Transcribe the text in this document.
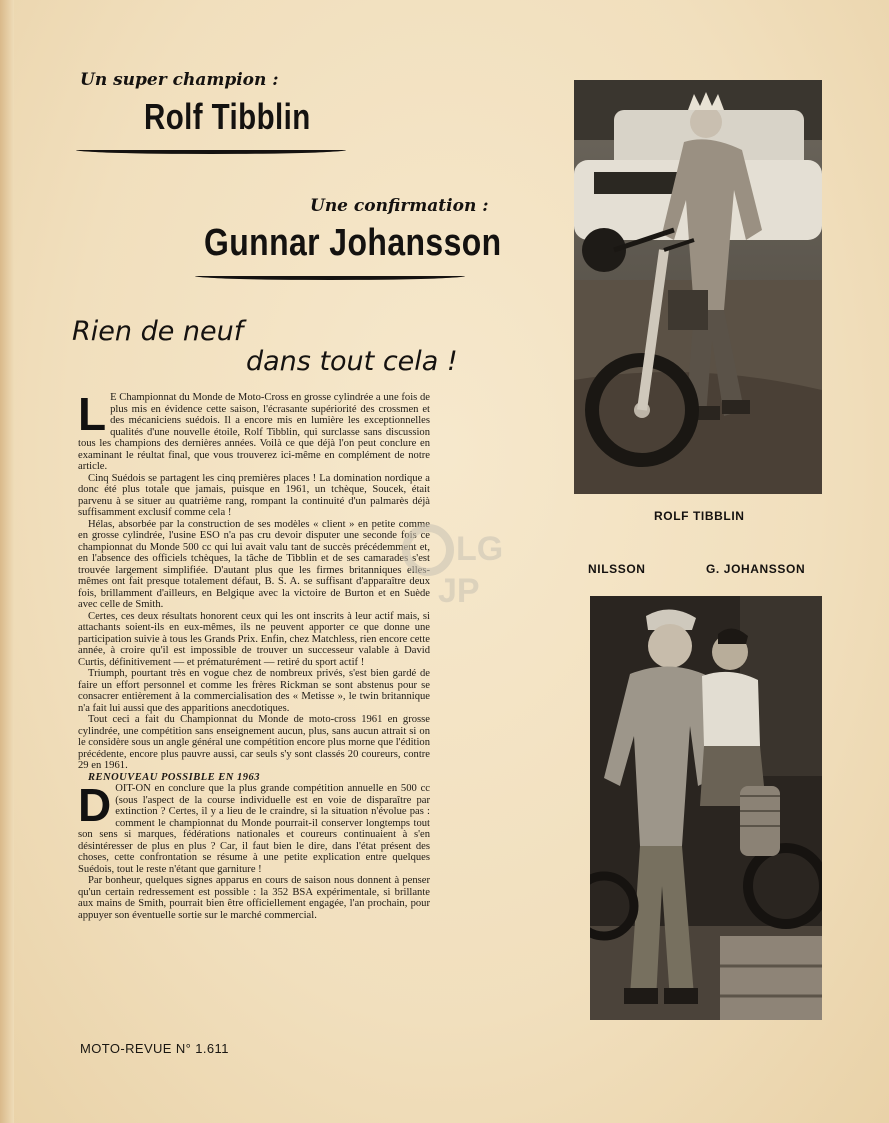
Un super champion :
Rolf Tibblin
Une confirmation :
Gunnar Johansson
Rien de neuf
dans tout cela !

L E Championnat du Monde de Moto-Cross en grosse cylindrée a une fois de plus mis en évidence cette saison, l'écrasante supériorité des crossmen et des mécaniciens suédois. Il a encore mis en lumière les exceptionnelles qualités d'une nouvelle étoile, Rolf Tibblin, qui surclasse sans discussion tous les champions des dernières années. Voilà ce que déjà l'on peut conclure en examinant le réultat final, que vous trouverez ici-même en complément de notre article.

Cinq Suédois se partagent les cinq premières places ! La domination nordique a donc été plus totale que jamais, puisque en 1961, un tchèque, Soucek, était parvenu à se situer au quatrième rang, rompant la continuité d'un palmarès déjà suffisamment exclusif comme cela !

Hélas, absorbée par la construction de ses modèles « client » en petite comme en grosse cylindrée, l'usine ESO n'a pas cru devoir disputer une seconde fois ce championnat du Monde 500 cc qui lui avait valu tant de succès précédemment et, en l'absence des officiels tchèques, la tâche de Tibblin et de ses camarades s'est trouvée largement simplifiée. D'autant plus que les firmes britanniques elles-mêmes ont fait presque totalement défaut, B. S. A. se suffisant d'apparaître deux fois, brillamment d'ailleurs, en Belgique avec la victoire de Burton et en Suède avec celle de Smith.

Certes, ces deux résultats honorent ceux qui les ont inscrits à leur actif mais, si attachants soient-ils en eux-mêmes, ils ne peuvent apporter ce que donne une participation suivie à tous les Grands Prix. Enfin, chez Matchless, rien encore cette année, à croire qu'il est impossible de trouver un successeur valable à David Curtis, définitivement — et prématurément — retiré du sport actif !

Triumph, pourtant très en vogue chez de nombreux privés, s'est bien gardé de faire un effort personnel et comme les frères Rickman se sont abstenus pour se consacrer entièrement à la commercialisation des « Metisse », le twin britannique n'a fait lui aussi que des apparitions anecdotiques.

Tout ceci a fait du Championnat du Monde de moto-cross 1961 en grosse cylindrée, une compétition sans enseignement aucun, plus, sans aucun attrait si on le considère sous un angle général une compétition encore plus morne que l'édition précédente, encore plus pauvre aussi, car seuls s'y sont classés 20 coureurs, contre 29 en 1961.

RENOUVEAU POSSIBLE EN 1963

DOIT-ON en conclure que la plus grande compétition annuelle en 500 cc (sous l'aspect de la course individuelle est en voie de disparaître par extinction ? Certes, il y a lieu de le craindre, si la situation n'évolue pas : comment le championnat du Monde pourrait-il conserver longtemps tout son sens si marques, fédérations nationales et coureurs continuaient à s'en désintéresser de plus en plus ? Car, il faut bien le dire, dans l'état présent des choses, cette confrontation se résume à une petite explication entre quelques Suédois, tout le reste n'étant que garniture !

Par bonheur, quelques signes apparus en cours de saison nous donnent à penser qu'un certain redressement est possible : la 352 BSA expérimentale, si brillante aux mains de Smith, pourrait bien être officiellement engagée, l'an prochain, pour appuyer son éventuelle sortie sur le marché commercial.

ROLF TIBBLIN
NILSSON	G. JOHANSSON
LG
JP
MOTO-REVUE N° 1.611
